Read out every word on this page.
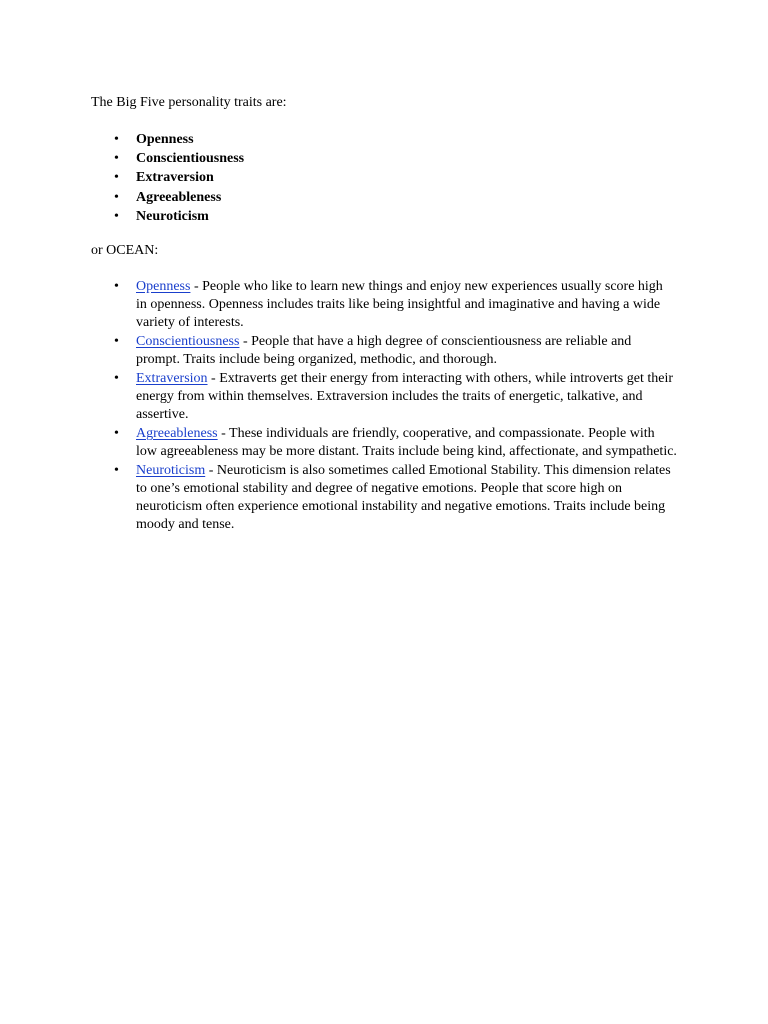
The Big Five personality traits are:

• Openness
• Conscientiousness
• Extraversion
• Agreeableness
• Neuroticism

or OCEAN:

• Openness - People who like to learn new things and enjoy new experiences usually score high in openness. Openness includes traits like being insightful and imaginative and having a wide variety of interests.
• Conscientiousness - People that have a high degree of conscientiousness are reliable and prompt. Traits include being organized, methodic, and thorough.
• Extraversion - Extraverts get their energy from interacting with others, while introverts get their energy from within themselves. Extraversion includes the traits of energetic, talkative, and assertive.
• Agreeableness - These individuals are friendly, cooperative, and compassionate. People with low agreeableness may be more distant. Traits include being kind, affectionate, and sympathetic.
• Neuroticism - Neuroticism is also sometimes called Emotional Stability. This dimension relates to one’s emotional stability and degree of negative emotions. People that score high on neuroticism often experience emotional instability and negative emotions. Traits include being moody and tense.
